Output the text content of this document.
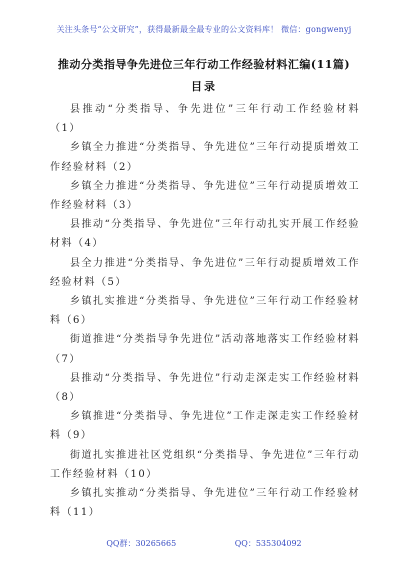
关注头条号“公文研究”，获得最新最全最专业的公文资料库！ 微信：gongwenyj
推动分类指导争先进位三年行动工作经验材料汇编(11篇)
目录
县推动“分类指导、争先进位”三年行动工作经验材料（1）
乡镇全力推进“分类指导、争先进位”三年行动提质增效工作经验材料（2）
乡镇全力推进“分类指导、争先进位”三年行动提质增效工作经验材料（3）
县推动“分类指导、争先进位”三年行动扎实开展工作经验材料（4）
县全力推进“分类指导、争先进位”三年行动提质增效工作经验材料（5）
乡镇扎实推进“分类指导、争先进位”三年行动工作经验材料（6）
街道推进“分类指导争先进位”活动落地落实工作经验材料（7）
县推动“分类指导、争先进位”行动走深走实工作经验材料（8）
乡镇推进“分类指导、争先进位”工作走深走实工作经验材料（9）
街道扎实推进社区党组织“分类指导、争先进位”三年行动工作经验材料（10）
乡镇扎实推动“分类指导、争先进位”三年行动工作经验材料（11）
QQ群：30265665	QQ：535304092
